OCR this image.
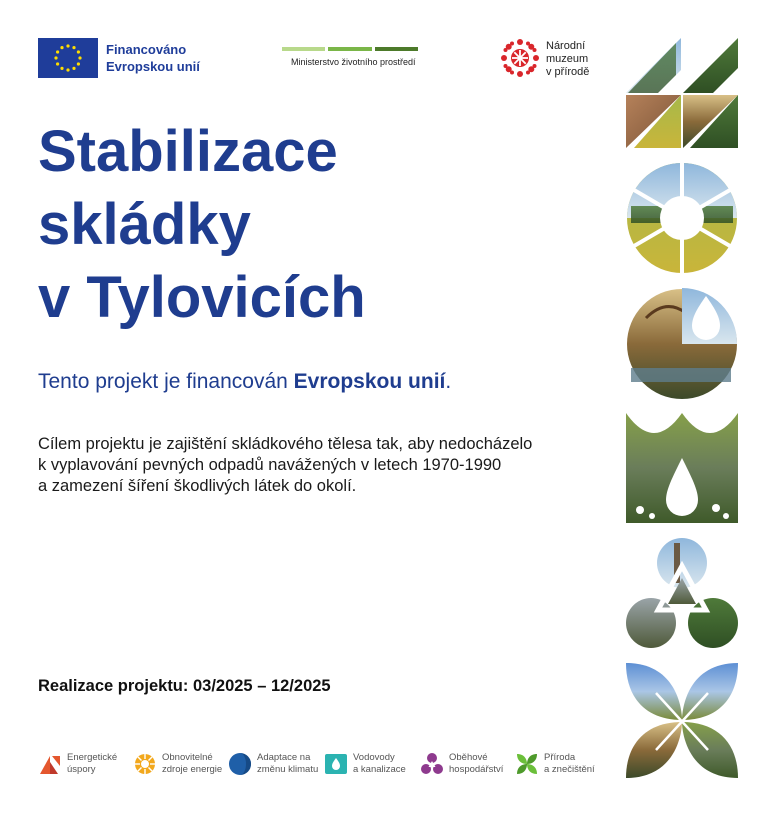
Financováno
Evropskou unií	Ministerstvo životního prostředí
Národní
muzeum
v přírodě
Stabilizace
skládky
v Tylovicích
Tento projekt je financován Evropskou unií.
Cílem projektu je zajištění skládkového tělesa tak, aby nedocházelo
k vyplavování pevných odpadů navážených v letech 1970-1990
a zamezení šíření škodlivých látek do okolí.
Realizace projektu: 03/2025 – 12/2025
Energetické
úspory
Obnovitelné
zdroje energie
Adaptace na
změnu klimatu
Vodovody
a kanalizace
Oběhové
hospodářství
Příroda
a znečištění
